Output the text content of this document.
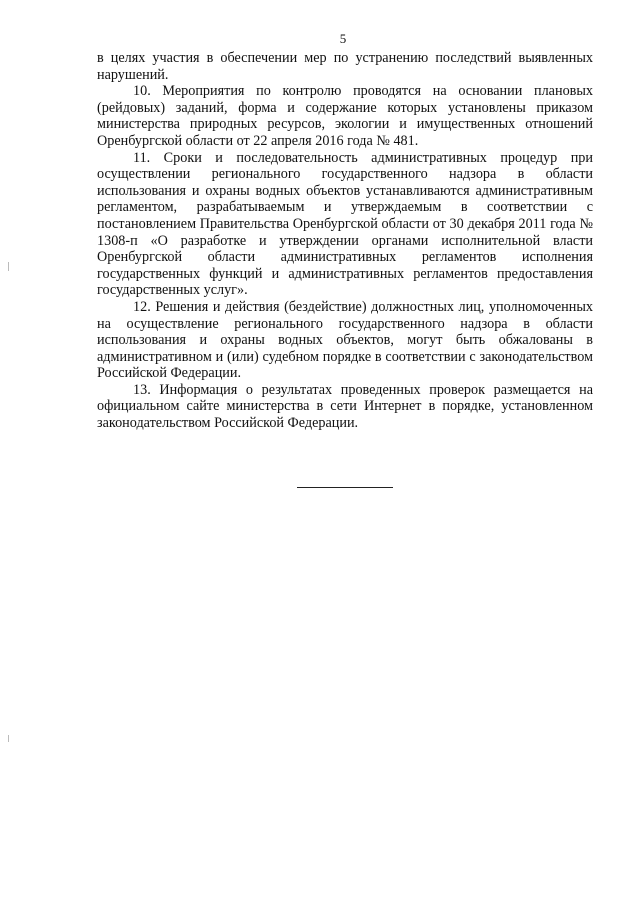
5

в целях участия в обеспечении мер по устранению последствий выявленных нарушений.

10. Мероприятия по контролю проводятся на основании плановых (рейдовых) заданий, форма и содержание которых установлены приказом министерства природных ресурсов, экологии и имущественных отношений Оренбургской области от 22 апреля 2016 года № 481.

11. Сроки и последовательность административных процедур при осуществлении регионального государственного надзора в области использования и охраны водных объектов устанавливаются административным регламентом, разрабатываемым и утверждаемым в соответствии с постановлением Правительства Оренбургской области от 30 декабря 2011 года № 1308-п «О разработке и утверждении органами исполнительной власти Оренбургской области административных регламентов исполнения государственных функций и административных регламентов предоставления государственных услуг».

12. Решения и действия (бездействие) должностных лиц, уполномоченных на осуществление регионального государственного надзора в области использования и охраны водных объектов, могут быть обжалованы в административном и (или) судебном порядке в соответствии с законодательством Российской Федерации.

13. Информация о результатах проведенных проверок размещается на официальном сайте министерства в сети Интернет в порядке, установленном законодательством Российской Федерации.
